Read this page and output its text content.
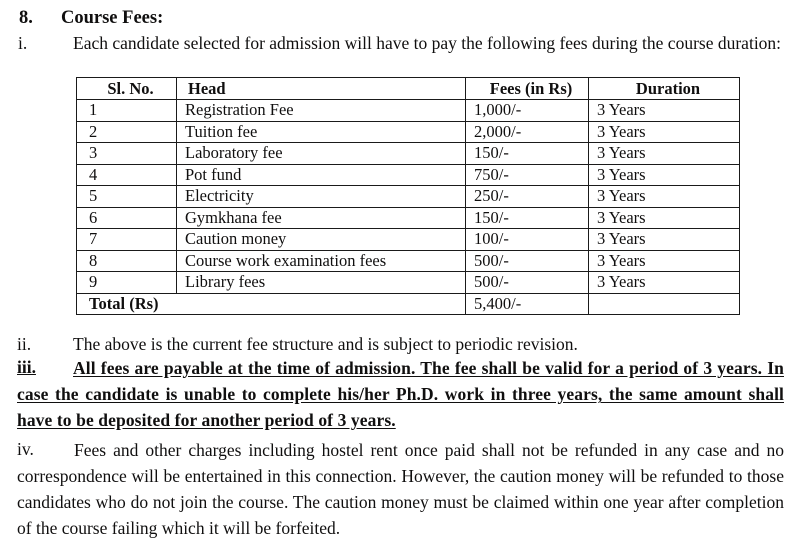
8. Course Fees:
i.	Each candidate selected for admission will have to pay the following fees during the course duration:
Sl. No.	Head	Fees (in Rs)	Duration
1	Registration Fee	1,000/-	3 Years
2	Tuition fee	2,000/-	3 Years
3	Laboratory fee	150/-	3 Years
4	Pot fund	750/-	3 Years
5	Electricity	250/-	3 Years
6	Gymkhana fee	150/-	3 Years
7	Caution money	100/-	3 Years
8	Course work examination fees	500/-	3 Years
9	Library fees	500/-	3 Years
Total (Rs)		5,400/-	
ii. The above is the current fee structure and is subject to periodic revision.
iii.	All fees are payable at the time of admission. The fee shall be valid for a period of 3 years. In case the candidate is unable to complete his/her Ph.D. work in three years, the same amount shall have to be deposited for another period of 3 years.
iv.	Fees and other charges including hostel rent once paid shall not be refunded in any case and no correspondence will be entertained in this connection. However, the caution money will be refunded to those candidates who do not join the course. The caution money must be claimed within one year after completion of the course failing which it will be forfeited.
